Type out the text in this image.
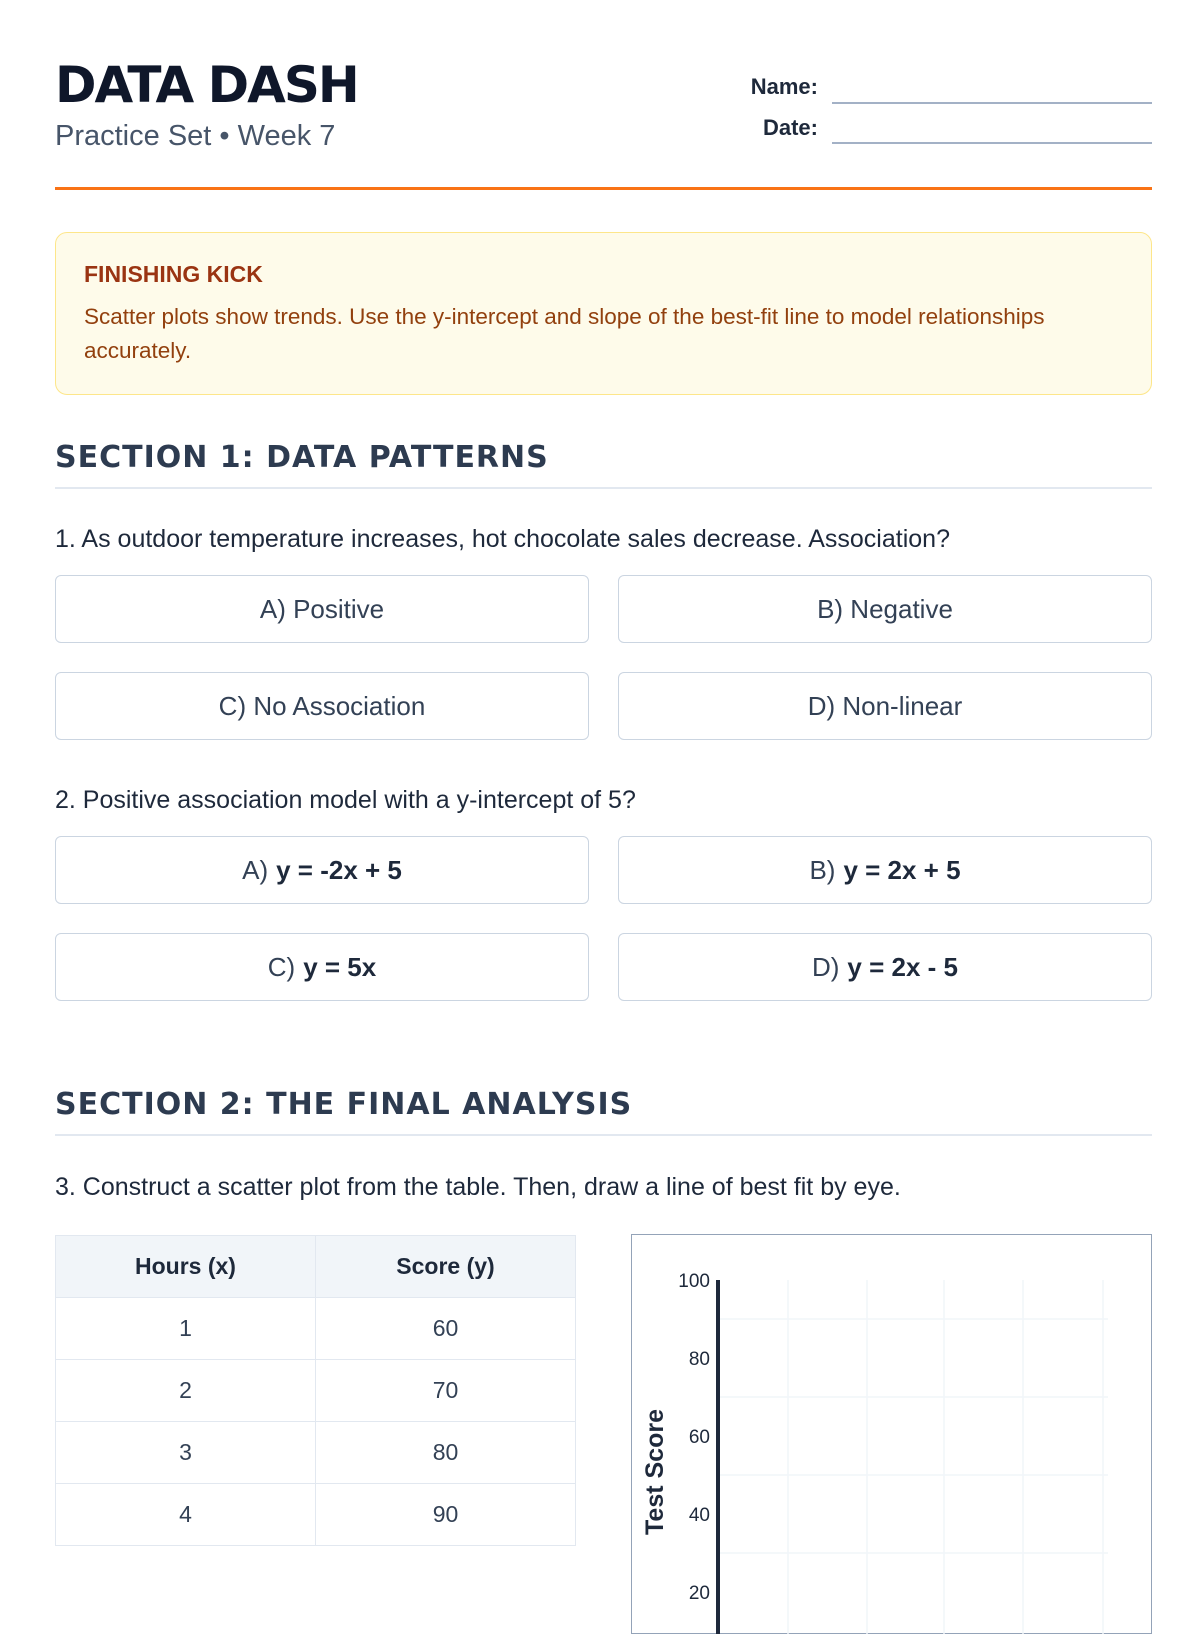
DATA DASH
Practice Set • Week 7
Name:
Date:
FINISHING KICK
Scatter plots show trends. Use the y-intercept and slope of the best-fit line to model relationships accurately.
SECTION 1: DATA PATTERNS
1. As outdoor temperature increases, hot chocolate sales decrease. Association?
A) Positive	B) Negative
C) No Association	D) Non-linear
2. Positive association model with a y-intercept of 5?
A) y = -2x + 5	B) y = 2x + 5
C) y = 5x	D) y = 2x - 5
SECTION 2: THE FINAL ANALYSIS
3. Construct a scatter plot from the table. Then, draw a line of best fit by eye.
Hours (x)	Score (y)
1	60
2	70
3	80
4	90
100
80
60
40
20
Test Score
